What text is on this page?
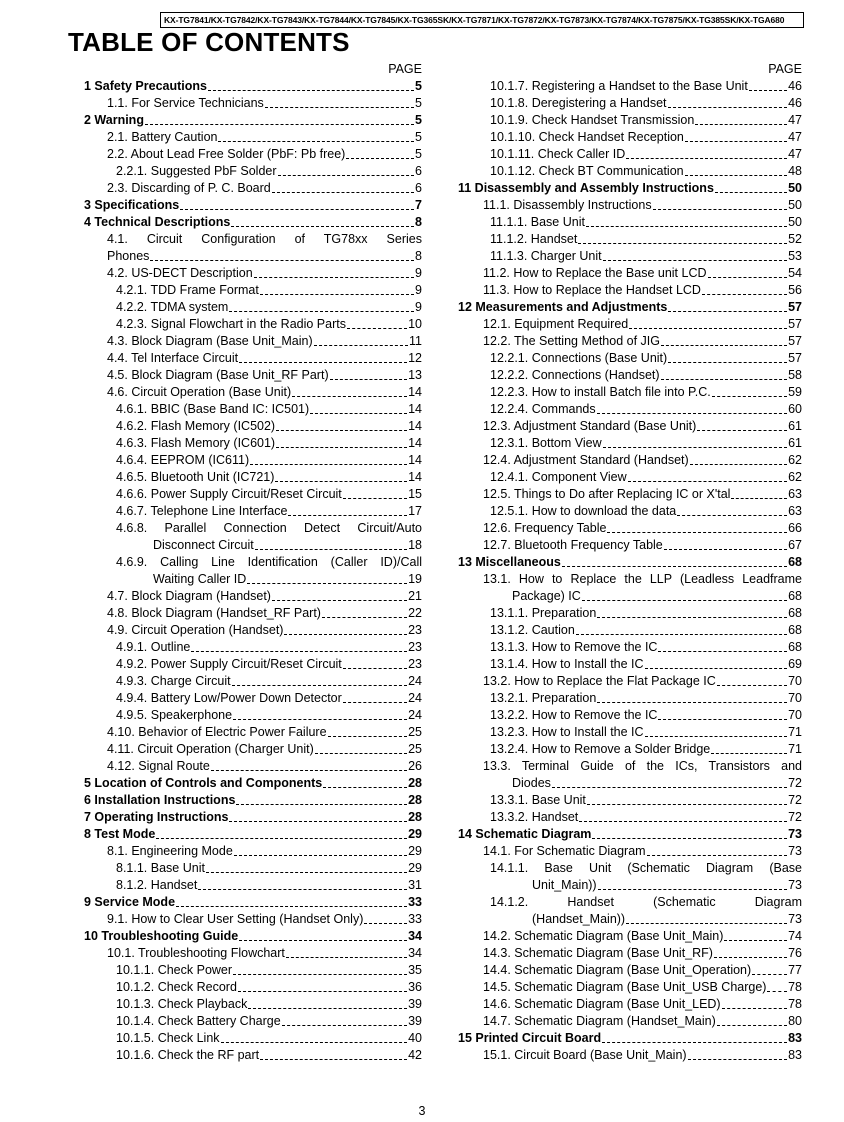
KX-TG7841/KX-TG7842/KX-TG7843/KX-TG7844/KX-TG7845/KX-TG365SK/KX-TG7871/KX-TG7872/KX-TG7873/KX-TG7874/KX-TG7875/KX-TG385SK/KX-TGA680
TABLE OF CONTENTS
PAGE
1 Safety Precautions	5
1.1. For Service Technicians	5
2 Warning	5
2.1. Battery Caution	5
2.2. About Lead Free Solder (PbF: Pb free)	5
2.2.1. Suggested PbF Solder	6
2.3. Discarding of P. C. Board	6
3 Specifications	7
4 Technical Descriptions	8
4.1. Circuit Configuration of TG78xx Series
Phones	8
4.2. US-DECT Description	9
4.2.1. TDD Frame Format	9
4.2.2. TDMA system	9
4.2.3. Signal Flowchart in the Radio Parts	10
4.3. Block Diagram (Base Unit_Main)	11
4.4. Tel Interface Circuit	12
4.5. Block Diagram (Base Unit_RF Part)	13
4.6. Circuit Operation (Base Unit)	14
4.6.1. BBIC (Base Band IC: IC501)	14
4.6.2. Flash Memory (IC502)	14
4.6.3. Flash Memory (IC601)	14
4.6.4. EEPROM (IC611)	14
4.6.5. Bluetooth Unit (IC721)	14
4.6.6. Power Supply Circuit/Reset Circuit	15
4.6.7. Telephone Line Interface	17
4.6.8. Parallel Connection Detect Circuit/Auto
Disconnect Circuit	18
4.6.9. Calling Line Identification (Caller ID)/Call
Waiting Caller ID	19
4.7. Block Diagram (Handset)	21
4.8. Block Diagram (Handset_RF Part)	22
4.9. Circuit Operation (Handset)	23
4.9.1. Outline	23
4.9.2. Power Supply Circuit/Reset Circuit	23
4.9.3. Charge Circuit	24
4.9.4. Battery Low/Power Down Detector	24
4.9.5. Speakerphone	24
4.10. Behavior of Electric Power Failure	25
4.11. Circuit Operation (Charger Unit)	25
4.12. Signal Route	26
5 Location of Controls and Components	28
6 Installation Instructions	28
7 Operating Instructions	28
8 Test Mode	29
8.1. Engineering Mode	29
8.1.1. Base Unit	29
8.1.2. Handset	31
9 Service Mode	33
9.1. How to Clear User Setting (Handset Only)	33
10 Troubleshooting Guide	34
10.1. Troubleshooting Flowchart	34
10.1.1. Check Power	35
10.1.2. Check Record	36
10.1.3. Check Playback	39
10.1.4. Check Battery Charge	39
10.1.5. Check Link	40
10.1.6. Check the RF part	42
PAGE
10.1.7. Registering a Handset to the Base Unit	46
10.1.8. Deregistering a Handset	46
10.1.9. Check Handset Transmission	47
10.1.10. Check Handset Reception	47
10.1.11. Check Caller ID	47
10.1.12. Check BT Communication	48
11 Disassembly and Assembly Instructions	50
11.1. Disassembly Instructions	50
11.1.1. Base Unit	50
11.1.2. Handset	52
11.1.3. Charger Unit	53
11.2. How to Replace the Base unit LCD	54
11.3. How to Replace the Handset LCD	56
12 Measurements and Adjustments	57
12.1. Equipment Required	57
12.2. The Setting Method of JIG	57
12.2.1. Connections (Base Unit)	57
12.2.2. Connections (Handset)	58
12.2.3. How to install Batch file into P.C.	59
12.2.4. Commands	60
12.3. Adjustment Standard (Base Unit)	61
12.3.1. Bottom View	61
12.4. Adjustment Standard (Handset)	62
12.4.1. Component View	62
12.5. Things to Do after Replacing IC or X'tal	63
12.5.1. How to download the data	63
12.6. Frequency Table	66
12.7. Bluetooth Frequency Table	67
13 Miscellaneous	68
13.1. How to Replace the LLP (Leadless Leadframe
Package) IC	68
13.1.1. Preparation	68
13.1.2. Caution	68
13.1.3. How to Remove the IC	68
13.1.4. How to Install the IC	69
13.2. How to Replace the Flat Package IC	70
13.2.1. Preparation	70
13.2.2. How to Remove the IC	70
13.2.3. How to Install the IC	71
13.2.4. How to Remove a Solder Bridge	71
13.3. Terminal Guide of the ICs, Transistors and
Diodes	72
13.3.1. Base Unit	72
13.3.2. Handset	72
14 Schematic Diagram	73
14.1. For Schematic Diagram	73
14.1.1. Base Unit (Schematic Diagram (Base
Unit_Main))	73
14.1.2. Handset (Schematic Diagram
(Handset_Main))	73
14.2. Schematic Diagram (Base Unit_Main)	74
14.3. Schematic Diagram (Base Unit_RF)	76
14.4. Schematic Diagram (Base Unit_Operation)	77
14.5. Schematic Diagram (Base Unit_USB Charge) 78
14.6. Schematic Diagram (Base Unit_LED)	78
14.7. Schematic Diagram (Handset_Main)	80
15 Printed Circuit Board	83
15.1. Circuit Board (Base Unit_Main)	83
3
